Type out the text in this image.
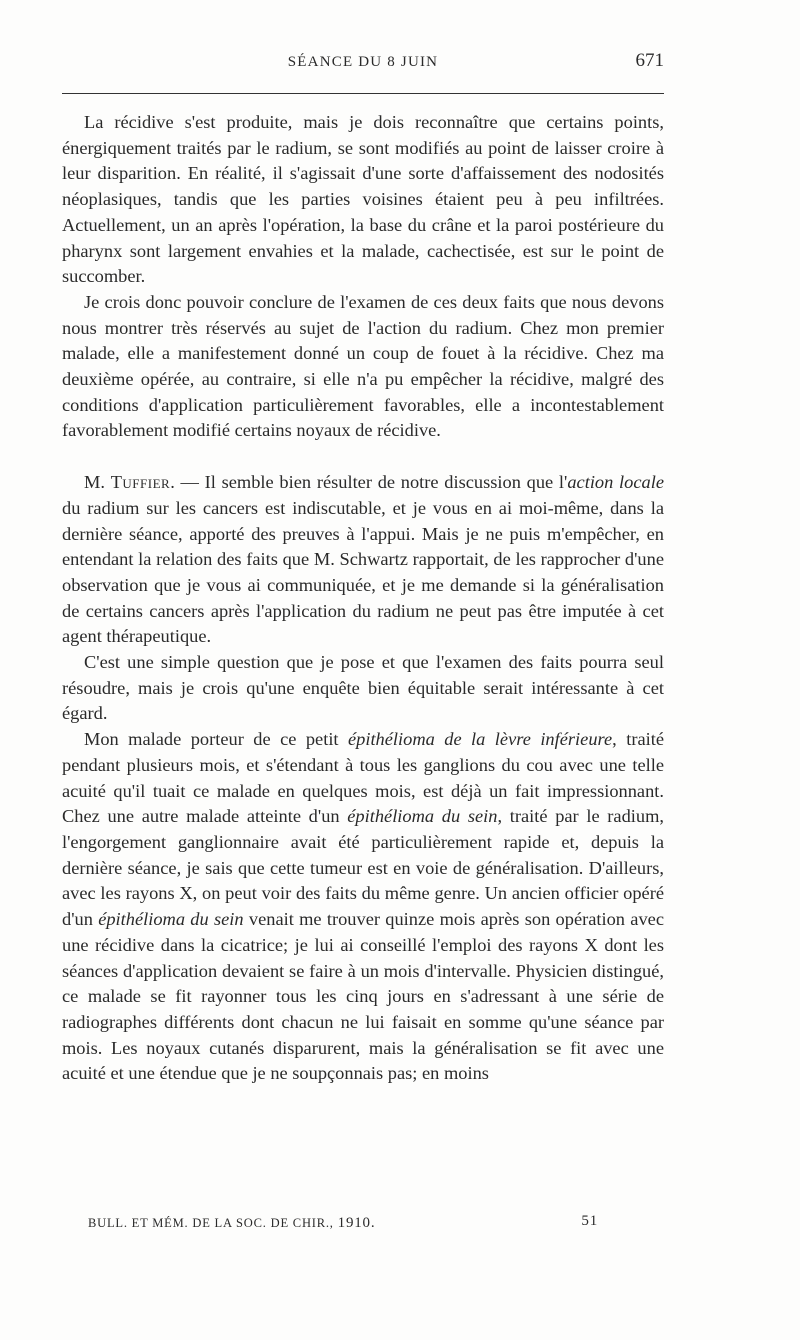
SÉANCE DU 8 JUIN	671

La récidive s'est produite, mais je dois reconnaître que certains points, énergiquement traités par le radium, se sont modifiés au point de laisser croire à leur disparition. En réalité, il s'agissait d'une sorte d'affaissement des nodosités néoplasiques, tandis que les parties voisines étaient peu à peu infiltrées. Actuellement, un an après l'opération, la base du crâne et la paroi postérieure du pharynx sont largement envahies et la malade, cachectisée, est sur le point de succomber.

Je crois donc pouvoir conclure de l'examen de ces deux faits que nous devons nous montrer très réservés au sujet de l'action du radium. Chez mon premier malade, elle a manifestement donné un coup de fouet à la récidive. Chez ma deuxième opérée, au contraire, si elle n'a pu empêcher la récidive, malgré des conditions d'application particulièrement favorables, elle a incontestablement favorablement modifié certains noyaux de récidive.

M. Tuffier. — Il semble bien résulter de notre discussion que l'action locale du radium sur les cancers est indiscutable, et je vous en ai moi-même, dans la dernière séance, apporté des preuves à l'appui. Mais je ne puis m'empêcher, en entendant la relation des faits que M. Schwartz rapportait, de les rapprocher d'une observation que je vous ai communiquée, et je me demande si la généralisation de certains cancers après l'application du radium ne peut pas être imputée à cet agent thérapeutique.

C'est une simple question que je pose et que l'examen des faits pourra seul résoudre, mais je crois qu'une enquête bien équitable serait intéressante à cet égard.

Mon malade porteur de ce petit épithélioma de la lèvre inférieure, traité pendant plusieurs mois, et s'étendant à tous les ganglions du cou avec une telle acuité qu'il tuait ce malade en quelques mois, est déjà un fait impressionnant. Chez une autre malade atteinte d'un épithélioma du sein, traité par le radium, l'engorgement ganglionnaire avait été particulièrement rapide et, depuis la dernière séance, je sais que cette tumeur est en voie de généralisation. D'ailleurs, avec les rayons X, on peut voir des faits du même genre. Un ancien officier opéré d'un épithélioma du sein venait me trouver quinze mois après son opération avec une récidive dans la cicatrice; je lui ai conseillé l'emploi des rayons X dont les séances d'application devaient se faire à un mois d'intervalle. Physicien distingué, ce malade se fit rayonner tous les cinq jours en s'adressant à une série de radiographes différents dont chacun ne lui faisait en somme qu'une séance par mois. Les noyaux cutanés disparurent, mais la généralisation se fit avec une acuité et une étendue que je ne soupçonnais pas; en moins

BULL. ET MÉM. DE LA SOC. DE CHIR., 1910.	51
